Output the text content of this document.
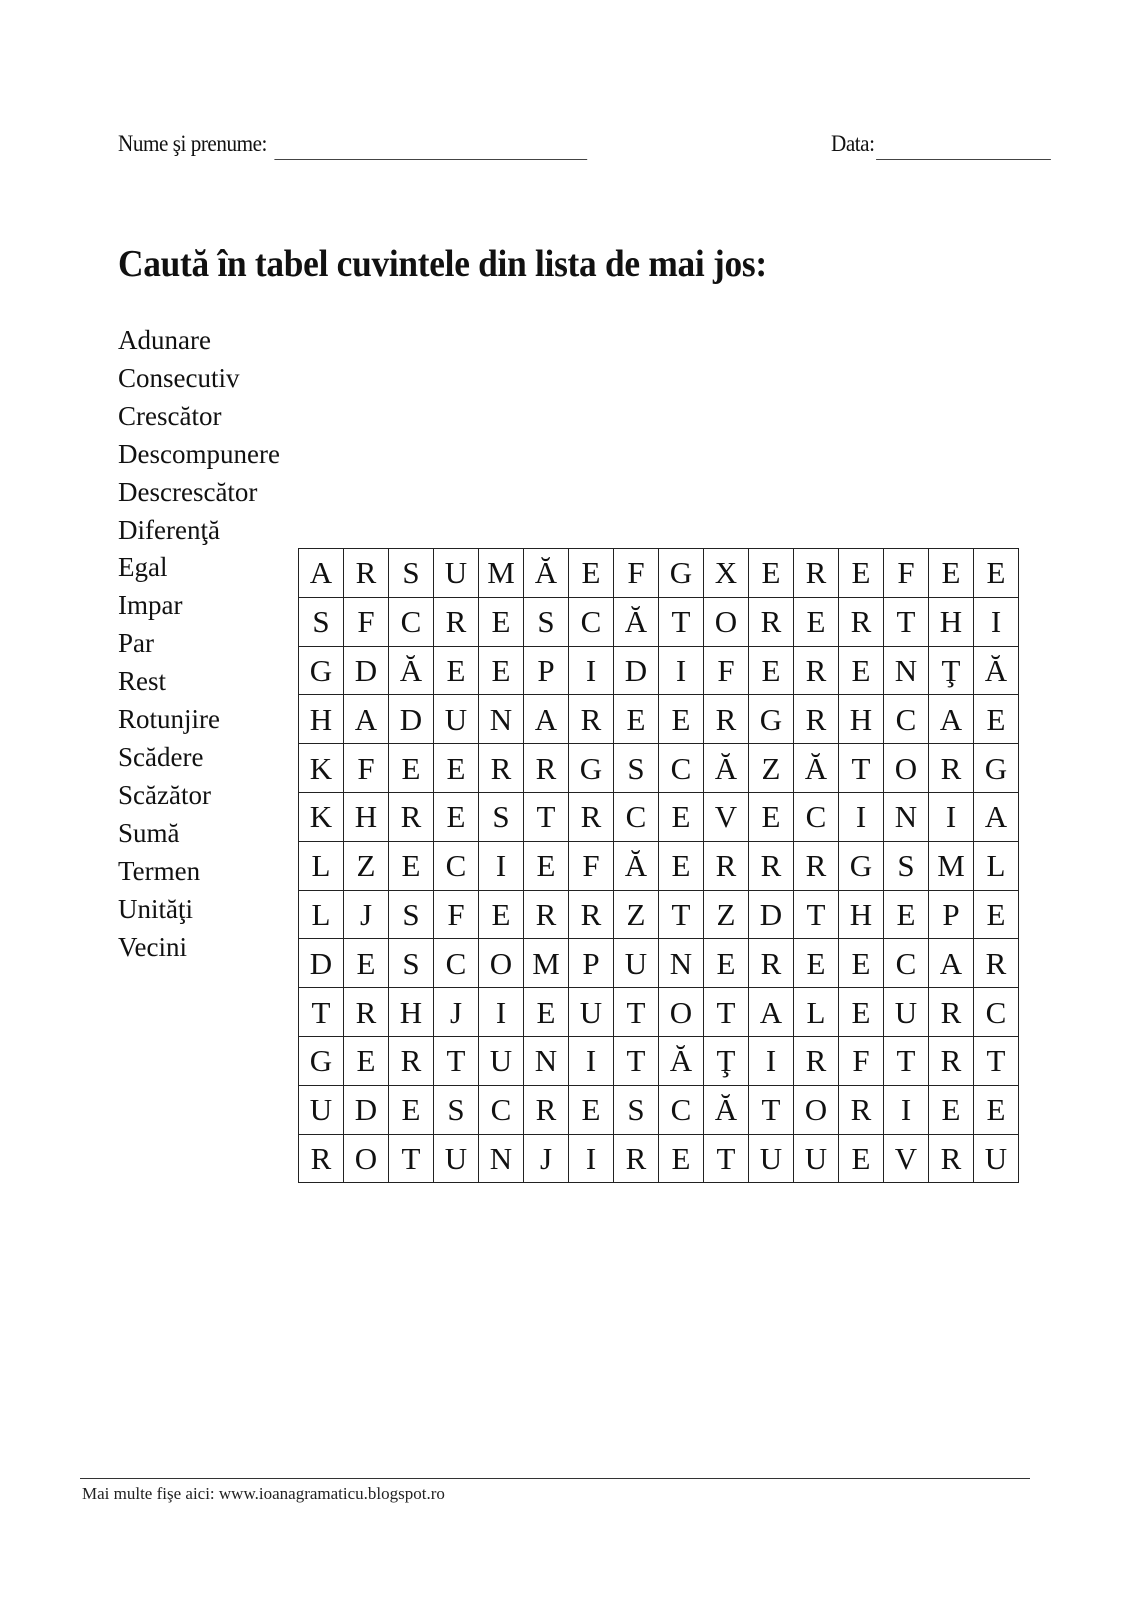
Nume şi prenume:	Data:
Caută în tabel cuvintele din lista de mai jos:
Adunare
Consecutiv
Crescător
Descompunere
Descrescător
Diferenţă
Egal
Impar
Par
Rest
Rotunjire
Scădere
Scăzător
Sumă
Termen
Unităţi
Vecini
A	R	S	U	M	Ă	E	F	G	X	E	R	E	F	E	E
S	F	C	R	E	S	C	Ă	T	O	R	E	R	T	H	I
G	D	Ă	E	E	P	I	D	I	F	E	R	E	N	Ţ	Ă
H	A	D	U	N	A	R	E	E	R	G	R	H	C	A	E
K	F	E	E	R	R	G	S	C	Ă	Z	Ă	T	O	R	G
K	H	R	E	S	T	R	C	E	V	E	C	I	N	I	A
L	Z	E	C	I	E	F	Ă	E	R	R	R	G	S	M	L
L	J	S	F	E	R	R	Z	T	Z	D	T	H	E	P	E
D	E	S	C	O	M	P	U	N	E	R	E	E	C	A	R
T	R	H	J	I	E	U	T	O	T	A	L	E	U	R	C
G	E	R	T	U	N	I	T	Ă	Ţ	I	R	F	T	R	T
U	D	E	S	C	R	E	S	C	Ă	T	O	R	I	E	E
R	O	T	U	N	J	I	R	E	T	U	U	E	V	R	U
Mai multe fişe aici: www.ioanagramaticu.blogspot.ro
